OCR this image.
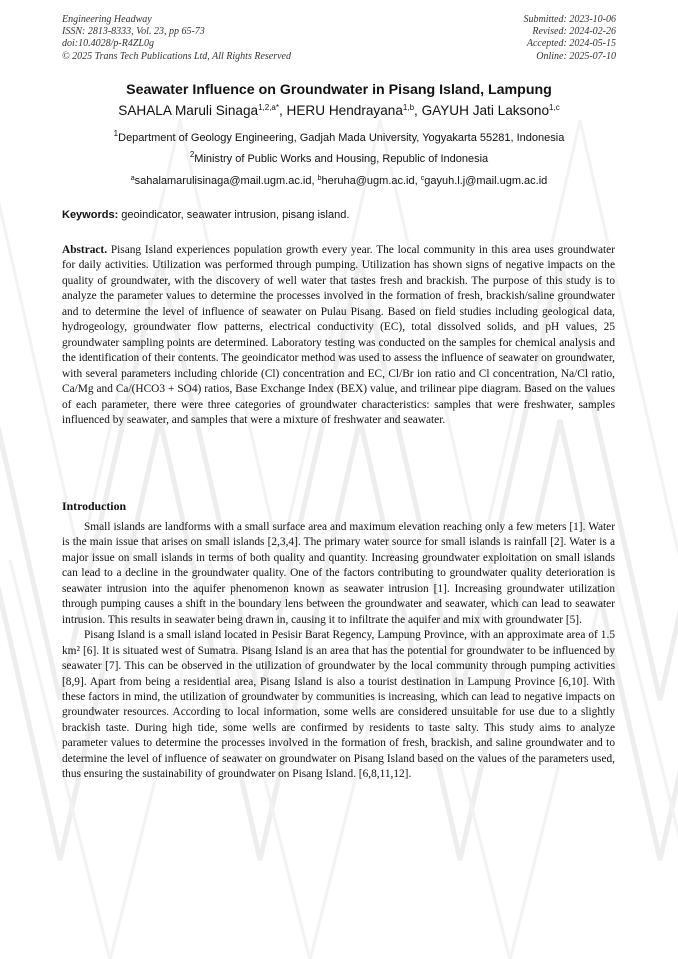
Engineering Headway
ISSN: 2813-8333, Vol. 23, pp 65-73
doi:10.4028/p-R4ZL0g
© 2025 Trans Tech Publications Ltd, All Rights Reserved
Submitted: 2023-10-06
Revised: 2024-02-26
Accepted: 2024-05-15
Online: 2025-07-10
Seawater Influence on Groundwater in Pisang Island, Lampung
SAHALA Maruli Sinaga$^{1,2,a*}$, HERU Hendrayana$^{1,b}$, GAYUH Jati Laksono$^{1,c}$
$^1$Department of Geology Engineering, Gadjah Mada University, Yogyakarta 55281, Indonesia
$^2$Ministry of Public Works and Housing, Republic of Indonesia
$^a$sahalamarulisinaga@mail.ugm.ac.id, $^b$heruha@ugm.ac.id, $^c$gayuh.l.j@mail.ugm.ac.id
Keywords: geoindicator, seawater intrusion, pisang island.
Abstract. Pisang Island experiences population growth every year. The local community in this area uses groundwater for daily activities. Utilization was performed through pumping. Utilization has shown signs of negative impacts on the quality of groundwater, with the discovery of well water that tastes fresh and brackish. The purpose of this study is to analyze the parameter values to determine the processes involved in the formation of fresh, brackish/saline groundwater and to determine the level of influence of seawater on Pulau Pisang. Based on field studies including geological data, hydrogeology, groundwater flow patterns, electrical conductivity (EC), total dissolved solids, and pH values, 25 groundwater sampling points are determined. Laboratory testing was conducted on the samples for chemical analysis and the identification of their contents. The geoindicator method was used to assess the influence of seawater on groundwater, with several parameters including chloride (Cl) concentration and EC, Cl/Br ion ratio and Cl concentration, Na/Cl ratio, Ca/Mg and Ca/(HCO3 + SO4) ratios, Base Exchange Index (BEX) value, and trilinear pipe diagram. Based on the values of each parameter, there were three categories of groundwater characteristics: samples that were freshwater, samples influenced by seawater, and samples that were a mixture of freshwater and seawater.
Introduction

Small islands are landforms with a small surface area and maximum elevation reaching only a few meters [1]. Water is the main issue that arises on small islands [2,3,4]. The primary water source for small islands is rainfall [2]. Water is a major issue on small islands in terms of both quality and quantity. Increasing groundwater exploitation on small islands can lead to a decline in the groundwater quality. One of the factors contributing to groundwater quality deterioration is seawater intrusion into the aquifer phenomenon known as seawater intrusion [1]. Increasing groundwater utilization through pumping causes a shift in the boundary lens between the groundwater and seawater, which can lead to seawater intrusion. This results in seawater being drawn in, causing it to infiltrate the aquifer and mix with groundwater [5].

Pisang Island is a small island located in Pesisir Barat Regency, Lampung Province, with an approximate area of 1.5 km² [6]. It is situated west of Sumatra. Pisang Island is an area that has the potential for groundwater to be influenced by seawater [7]. This can be observed in the utilization of groundwater by the local community through pumping activities [8,9]. Apart from being a residential area, Pisang Island is also a tourist destination in Lampung Province [6,10]. With these factors in mind, the utilization of groundwater by communities is increasing, which can lead to negative impacts on groundwater resources. According to local information, some wells are considered unsuitable for use due to a slightly brackish taste. During high tide, some wells are confirmed by residents to taste salty. This study aims to analyze parameter values to determine the processes involved in the formation of fresh, brackish, and saline groundwater and to determine the level of influence of seawater on groundwater on Pisang Island based on the values of the parameters used, thus ensuring the sustainability of groundwater on Pisang Island. [6,8,11,12].
